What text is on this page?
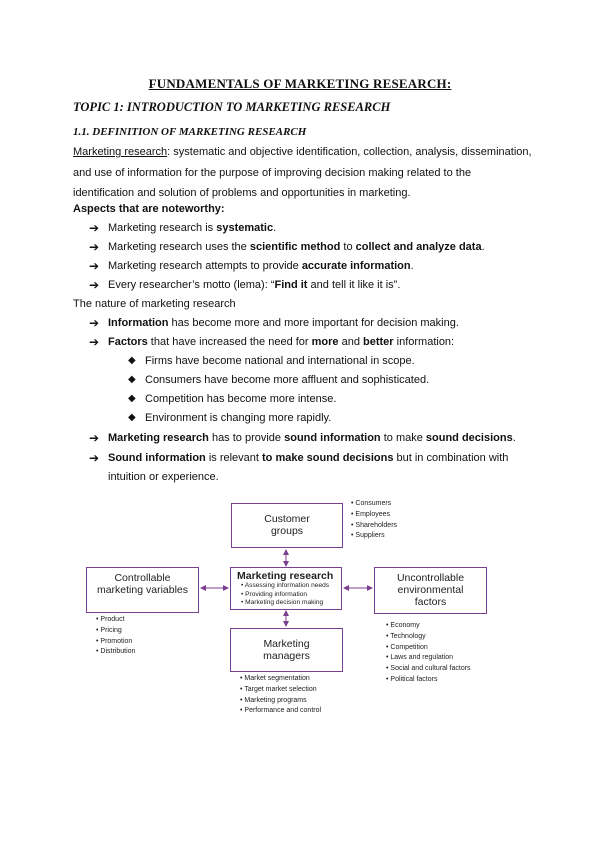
FUNDAMENTALS OF MARKETING RESEARCH:
TOPIC 1: INTRODUCTION TO MARKETING RESEARCH
1.1. DEFINITION OF MARKETING RESEARCH
Marketing research: systematic and objective identification, collection, analysis, dissemination, and use of information for the purpose of improving decision making related to the identification and solution of problems and opportunities in marketing.
Aspects that are noteworthy:
➔ Marketing research is systematic.
➔ Marketing research uses the scientific method to collect and analyze data.
➔ Marketing research attempts to provide accurate information.
➔ Every researcher’s motto (lema): “Find it and tell it like it is”.
The nature of marketing research
➔ Information has become more and more important for decision making.
➔ Factors that have increased the need for more and better information:
◆ Firms have become national and international in scope.
◆ Consumers have become more affluent and sophisticated.
◆ Competition has become more intense.
◆ Environment is changing more rapidly.
➔ Marketing research has to provide sound information to make sound decisions.
➔ Sound information is relevant to make sound decisions but in combination with
intuition or experience.
Customer groups
• Consumers
• Employees
• Shareholders
• Suppliers
Controllable marketing variables
• Product
• Pricing
• Promotion
• Distribution
Marketing research
• Assessing information needs
• Providing information
• Marketing decision making
Uncontrollable environmental factors
• Economy
• Technology
• Competition
• Laws and regulation
• Social and cultural factors
• Political factors
Marketing managers
• Market segmentation
• Target market selection
• Marketing programs
• Performance and control
